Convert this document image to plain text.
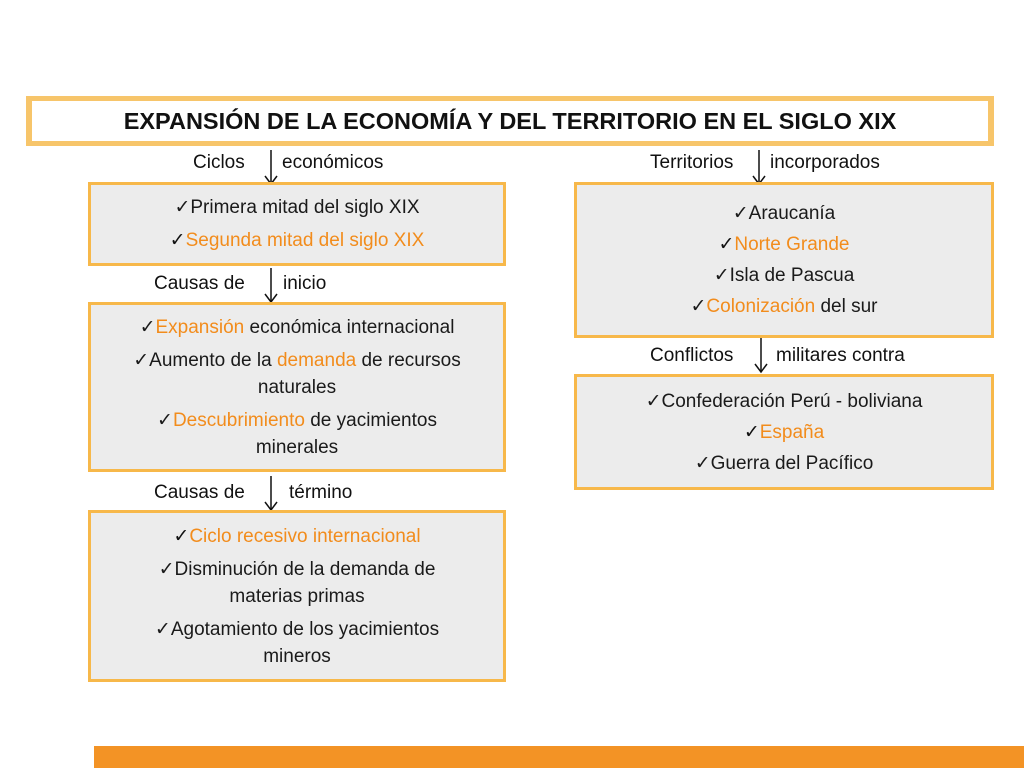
EXPANSIÓN DE LA ECONOMÍA Y DEL TERRITORIO EN EL SIGLO XIX
Ciclos económicos
✓Primera mitad del siglo XIX
✓Segunda mitad del siglo XIX
Causas de inicio
✓Expansión económica internacional
✓Aumento de la demanda de recursos
naturales
✓Descubrimiento de yacimientos
minerales
Causas de término
✓Ciclo recesivo internacional
✓Disminución de la demanda de
materias primas
✓Agotamiento de los yacimientos
mineros
Territorios incorporados
✓Araucanía
✓Norte Grande
✓Isla de Pascua
✓Colonización del sur
Conflictos militares contra
✓Confederación Perú - boliviana
✓España
✓Guerra del Pacífico
